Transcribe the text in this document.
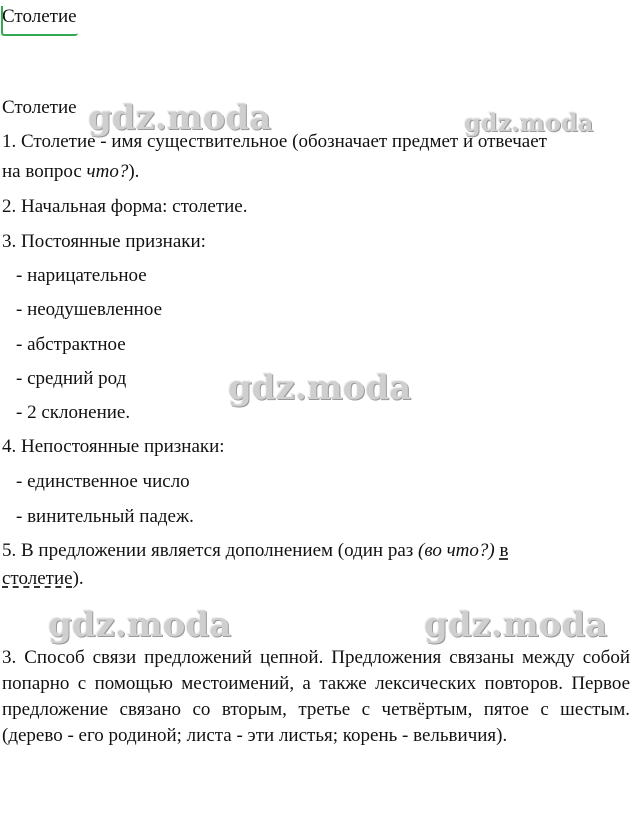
Столетие
Столетие gdz.moda	gdz.moda
1. Столетие - имя существительное (обозначает предмет и отвечает
на вопрос что?).
2. Начальная форма: столетие.
3. Постоянные признаки:
- нарицательное
- неодушевленное
- абстрактное
- средний род
- 2 склонение.
gdz.moda
4. Непостоянные признаки:
- единственное число
- винительный падеж.
5. В предложении является дополнением (один раз (во что?) в
столетие).
gdz.moda	gdz.moda
3. Способ связи предложений цепной. Предложения связаны между собой попарно с помощью местоимений, а также лексических повторов. Первое предложение связано со вторым, третье с четвёртым, пятое с шестым. (дерево - его родиной; листа - эти листья; корень - вельвичия).
